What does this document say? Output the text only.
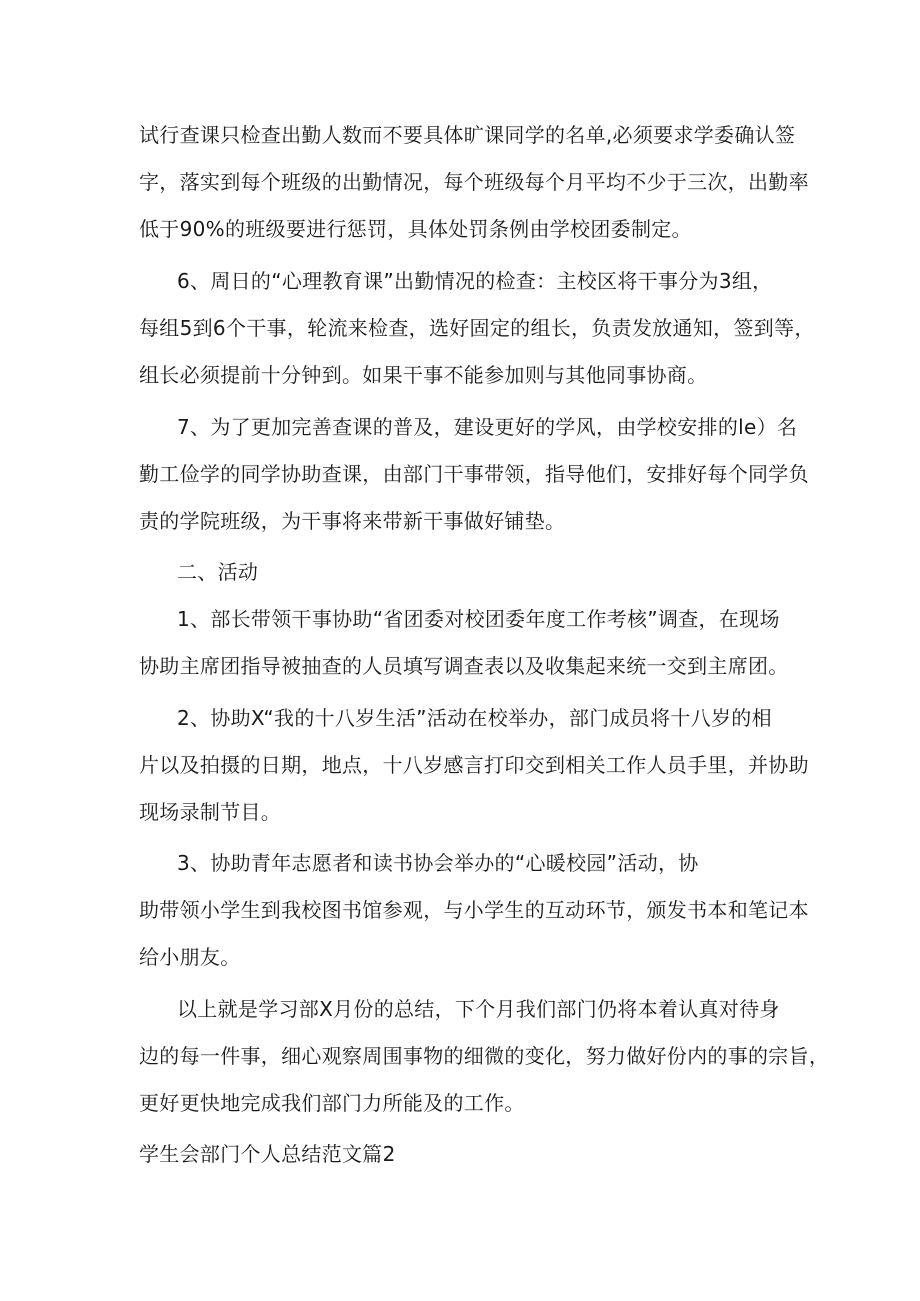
试行查课只检查出勤人数而不要具体旷课同学的名单,必须要求学委确认签
字，落实到每个班级的出勤情况，每个班级每个月平均不少于三次，出勤率
低于90%的班级要进行惩罚，具体处罚条例由学校团委制定。
6、周日的“心理教育课”出勤情况的检查：主校区将干事分为3组，
每组5到6个干事，轮流来检查，选好固定的组长，负责发放通知，签到等，
组长必须提前十分钟到。如果干事不能参加则与其他同事协商。
7、为了更加完善查课的普及，建设更好的学风，由学校安排的le）名
勤工俭学的同学协助查课，由部门干事带领，指导他们，安排好每个同学负
责的学院班级，为干事将来带新干事做好铺垫。
二、活动
1、部长带领干事协助“省团委对校团委年度工作考核”调查，在现场
协助主席团指导被抽查的人员填写调查表以及收集起来统一交到主席团。
2、协助X“我的十八岁生活”活动在校举办，部门成员将十八岁的相
片以及拍摄的日期，地点，十八岁感言打印交到相关工作人员手里，并协助
现场录制节目。
3、协助青年志愿者和读书协会举办的“心暖校园”活动，协
助带领小学生到我校图书馆参观，与小学生的互动环节，颁发书本和笔记本
给小朋友。
以上就是学习部X月份的总结，下个月我们部门仍将本着认真对待身
边的每一件事，细心观察周围事物的细微的变化，努力做好份内的事的宗旨，
更好更快地完成我们部门力所能及的工作。
学生会部门个人总结范文篇2
